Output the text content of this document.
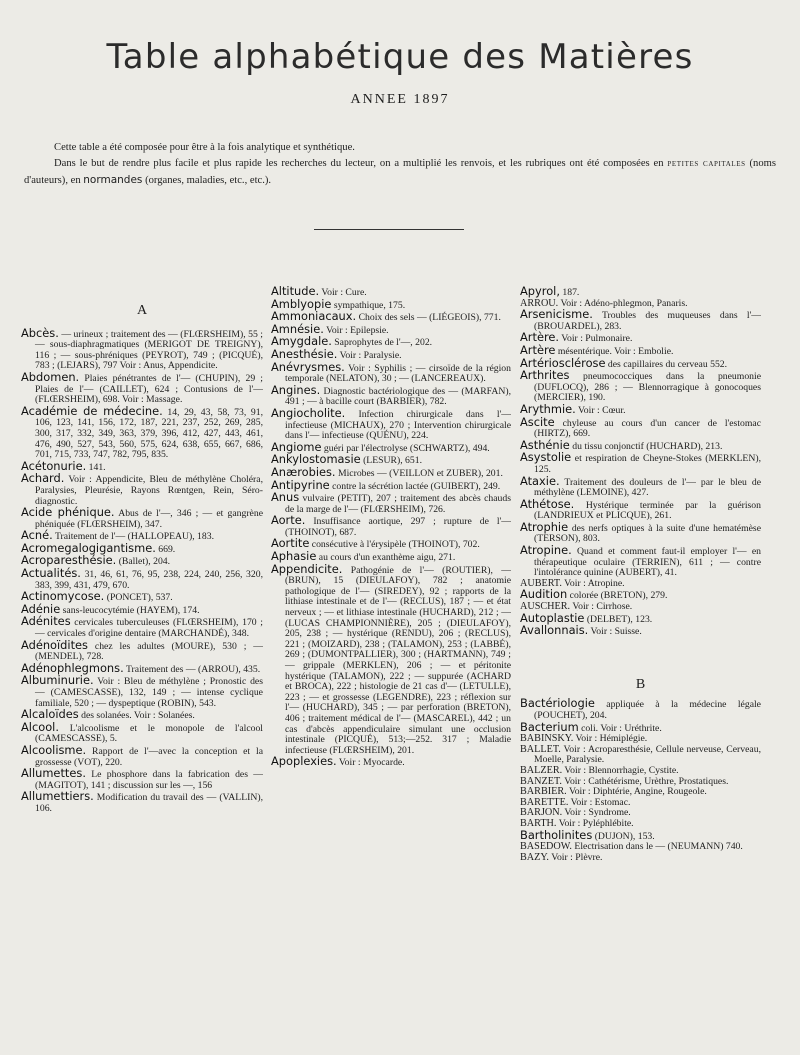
Table alphabétique des Matières
ANNEE 1897

Cette table a été composée pour être à la fois analytique et synthétique.

Dans le but de rendre plus facile et plus rapide les recherches du lecteur, on a multiplié les renvois, et les rubriques ont été composées en petites capitales (noms d'auteurs), en normandes (organes, maladies, etc., etc.).

A

Abcès. — urineux ; traitement des — (FLŒRSHEIM), 55 ; — sous-diaphragmatiques (MERIGOT DE TREIGNY), 116 ; — sous-phréniques (PEYROT), 749 ; (PICQUÉ), 783 ; (LEJARS), 797 Voir : Anus, Appendicite.

Abdomen. Plaies pénétrantes de l'— (CHUPIN), 29 ; Plaies de l'— (CAILLET), 624 ; Contusions de l'— (FLŒRSHEIM), 698. Voir : Massage.

Académie de médecine. 14, 29, 43, 58, 73, 91, 106, 123, 141, 156, 172, 187, 221, 237, 252, 269, 285, 300, 317, 332, 349, 363, 379, 396, 412, 427, 443, 461, 476, 490, 527, 543, 560, 575, 624, 638, 655, 667, 686, 701, 715, 733, 747, 782, 795, 835.

Acétonurie. 141.

Achard. Voir : Appendicite, Bleu de méthylène Choléra, Paralysies, Pleurésie, Rayons Rœntgen, Rein, Séro-diagnostic.

Acide phénique. Abus de l'—, 346 ; — et gangrène phéniquée (FLŒRSHEIM), 347.

Acné. Traitement de l'— (HALLOPEAU), 183.

Acromegalogigantisme. 669.

Acroparesthésie. (Ballet), 204.

Actualités. 31, 46, 61, 76, 95, 238, 224, 240, 256, 320, 383, 399, 431, 479, 670.

Actinomycose. (PONCET), 537.

Adénie sans-leucocytémie (HAYEM), 174.

Adénites cervicales tuberculeuses (FLŒRSHEIM), 170 ; — cervicales d'origine dentaire (MARCHANDÉ), 348.

Adénoïdites chez les adultes (MOURE), 530 ; — (MENDEL), 728.

Adénophlegmons. Traitement des — (ARROU), 435.

Albuminurie. Voir : Bleu de méthylène ; Pronostic des — (CAMESCASSE), 132, 149 ; — intense cyclique familiale, 520 ; — dyspeptique (ROBIN), 543.

Alcaloïdes des solanées. Voir : Solanées.

Alcool. L'alcoolisme et le monopole de l'alcool (CAMESCASSE), 5.

Alcoolisme. Rapport de l'—avec la conception et la grossesse (VOT), 220.

Allumettes. Le phosphore dans la fabrication des — (MAGITOT), 141 ; discussion sur les —, 156

Allumettiers. Modification du travail des — (VALLIN), 106.

Altitude. Voir : Cure.

Amblyopie sympathique, 175.

Ammoniacaux. Choix des sels — (LIÉGEOIS), 771.

Amnésie. Voir : Epilepsie.

Amygdale. Saprophytes de l'—, 202.

Anesthésie. Voir : Paralysie.

Anévrysmes. Voir : Syphilis ; — cirsoïde de la région temporale (NELATON), 30 ; — (LANCEREAUX).

Angines. Diagnostic bactériologique des — (MARFAN), 491 ; — à bacille court (BARBIER), 782.

Angiocholite. Infection chirurgicale dans l'— infectieuse (MICHAUX), 270 ; Intervention chirurgicale dans l'— infectieuse (QUÉNU), 224.

Angiome guéri par l'électrolyse (SCHWARTZ), 494.

Ankylostomasie (LESUR), 651.

Anærobies. Microbes — (VEILLON et ZUBER), 201.

Antipyrine contre la sécrétion lactée (GUIBERT), 249.

Anus vulvaire (PETIT), 207 ; traitement des abcès chauds de la marge de l'— (FLŒRSHEIM), 726.

Aorte. Insuffisance aortique, 297 ; rupture de l'— (THOINOT), 687.

Aortite consécutive à l'érysipèle (THOINOT), 702.

Aphasie au cours d'un exanthème aigu, 271.

Appendicite. Pathogénie de l'— (ROUTIER), — (BRUN), 15 (DIEULAFOY), 782 ; anatomie pathologique de l'— (SIREDEY), 92 ; rapports de la lithiase intestinale et de l'— (RECLUS), 187 ; — et état nerveux ; — et lithiase intestinale (HUCHARD), 212 ; — (LUCAS CHAMPIONNIÈRE), 205 ; (DIEULAFOY), 205, 238 ; — hystérique (RENDU), 206 ; (RECLUS), 221 ; (MOIZARD), 238 ; (TALAMON), 253 ; (LABBÉ), 269 ; (DUMONTPALLIER), 300 ; (HARTMANN), 749 ; — grippale (MERKLEN), 206 ; — et péritonite hystérique (TALAMON), 222 ; — suppurée (ACHARD et BROCA), 222 ; histologie de 21 cas d'— (LETULLE), 223 ; — et grossesse (LEGENDRE), 223 ; réflexion sur l'— (HUCHARD), 345 ; — par perforation (BRETON), 406 ; traitement médical de l'— (MASCAREL), 442 ; un cas d'abcès appendiculaire simulant une occlusion intestinale (PICQUÉ), 513;—252. 317 ; Maladie infectieuse (FLŒRSHEIM), 201.

Apoplexies. Voir : Myocarde.

Apyrol, 187.

ARROU. Voir : Adéno-phlegmon, Panaris.

Arsenicisme. Troubles des muqueuses dans l'— (BROUARDEL), 283.

Artère. Voir : Pulmonaire.

Artère mésentérique. Voir : Embolie.

Artériosclérose des capillaires du cerveau 552.

Arthrites pneumococciques dans la pneumonie (DUFLOCQ), 286 ; — Blennorragique à gonocoques (MERCIER), 190.

Arythmie. Voir : Cœur.

Ascite chyleuse au cours d'un cancer de l'estomac (HIRTZ), 669.

Asthénie du tissu conjonctif (HUCHARD), 213.

Asystolie et respiration de Cheyne-Stokes (MERKLEN), 125.

Ataxie. Traitement des douleurs de l'— par le bleu de méthylène (LEMOINE), 427.

Athétose. Hystérique terminée par la guérison (LANDRIEUX et PLICQUE), 261.

Atrophie des nerfs optiques à la suite d'une hematémèse (TERSON), 803.

Atropine. Quand et comment faut-il employer l'— en thérapeutique oculaire (TERRIEN), 611 ; — contre l'intolérance quinine (AUBERT), 41.

AUBERT. Voir : Atropine.

Audition colorée (BRETON), 279.

AUSCHER. Voir : Cirrhose.

Autoplastie (DELBET), 123.

Avallonnais. Voir : Suisse.

B

Bactériologie appliquée à la médecine légale (POUCHET), 204.

Bacterium coli. Voir : Uréthrite.

BABINSKY. Voir : Hémiplégie.

BALLET. Voir : Acroparesthésie, Cellule nerveuse, Cerveau, Moelle, Paralysie.

BALZER. Voir : Blennorrhagie, Cystite.

BANZET. Voir : Cathétérisme, Urèthre, Prostatiques.

BARBIER. Voir : Diphtérie, Angine, Rougeole.

BARETTE. Voir : Estomac.

BARJON. Voir : Syndrome.

BARTH. Voir : Pyléphlébite.

Bartholinites (DUJON), 153.

BASEDOW. Electrisation dans le — (NEUMANN) 740.

BAZY. Voir : Plèvre.
